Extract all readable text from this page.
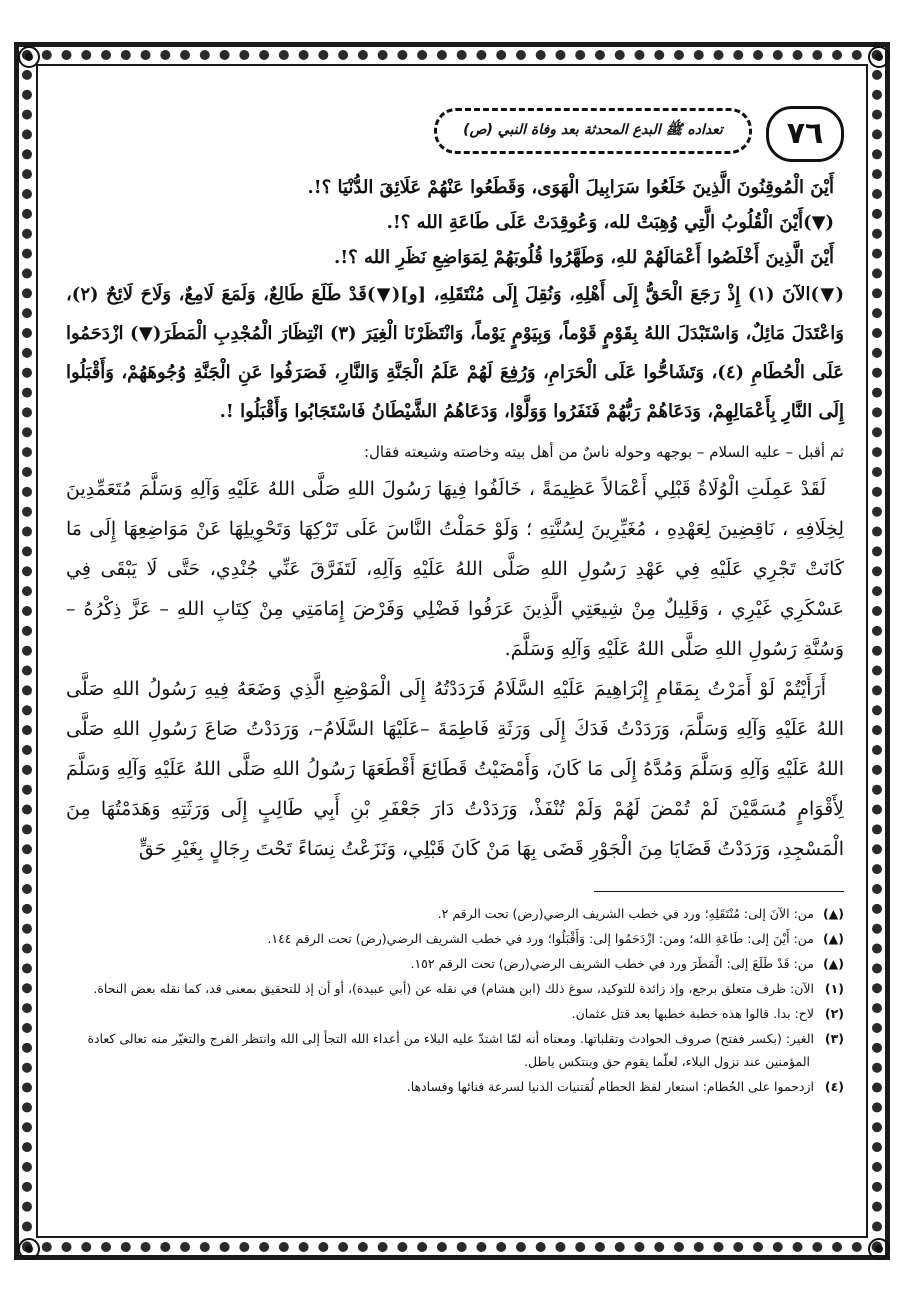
٧٦
تعداده ﷺ البدع المحدثة بعد وفاة النبي (ص)

أَيْنَ الْمُوقِنُونَ الَّذِينَ خَلَعُوا سَرَابِيلَ الْهَوَى، وَقَطَعُوا عَنْهُمْ عَلَائِقَ الدُّنْيَا ؟!.

(▼)أَيْنَ الْقُلُوبُ الَّتِي وُهِبَتْ لله، وَعُوقِدَتْ عَلَى طَاعَةِ الله ؟!.

أَيْنَ الَّذِينَ أَخْلَصُوا أَعْمَالَهُمْ للهِ، وَطَهَّرُوا قُلُوبَهُمْ لِمَوَاضِعِ نَظَرِ الله ؟!.

(▼)الآنَ (١) إِذْ رَجَعَ الْحَقُّ إِلَى أَهْلِهِ، وَنُقِلَ إِلَى مُنْتَقَلِهِ، [و](▼)قَدْ طَلَعَ طَالِعٌ، وَلَمَعَ لَامِعٌ، وَلَاحَ لَائِحٌ (٢)، وَاعْتَدَلَ مَائِلٌ، وَاسْتَبْدَلَ اللهُ بِقَوْمٍ قَوْماً، وَبِيَوْمٍ يَوْماً، وَانْتَظَرْنَا الْغِيَرَ (٣) انْتِظَارَ الْمُجْدِبِ الْمَطَرَ(▼) ازْدَحَمُوا عَلَى الْحُطَامِ (٤)، وَتَشَاحُّوا عَلَى الْحَرَامِ، وَرُفِعَ لَهُمْ عَلَمُ الْجَنَّةِ وَالنَّارِ، فَصَرَفُوا عَنِ الْجَنَّةِ وُجُوهَهُمْ، وَأَقْبَلُوا إِلَى النَّارِ بِأَعْمَالِهِمْ، وَدَعَاهُمْ رَبُّهُمْ فَنَفَرُوا وَوَلَّوْا، وَدَعَاهُمُ الشَّيْطَانُ فَاسْتَجَابُوا وَأَقْبَلُوا !.

ثم أقبل – عليه السلام – بوجهه وحوله ناسٌ من أهل بيته وخاصته وشيعته فقال:

لَقَدْ عَمِلَتِ الْوُلَاةُ قَبْلِي أَعْمَالاً عَظِيمَةً ، خَالَفُوا فِيهَا رَسُولَ اللهِ صَلَّى اللهُ عَلَيْهِ وَآلِهِ وَسَلَّمَ مُتَعَمِّدِينَ لِخِلَافِهِ ، نَاقِضِينَ لِعَهْدِهِ ، مُغَيِّرِينَ لِسُنَّتِهِ ؛ وَلَوْ حَمَلْتُ النَّاسَ عَلَى تَرْكِهَا وَتَحْوِيلِهَا عَنْ مَوَاضِعِهَا إِلَى مَا كَانَتْ تَجْرِي عَلَيْهِ فِي عَهْدِ رَسُولِ اللهِ صَلَّى اللهُ عَلَيْهِ وَآلِهِ، لَتَفَرَّقَ عَنِّي جُنْدِي، حَتَّى لَا يَبْقَى فِي عَسْكَرِي غَيْرِي ، وَقَلِيلٌ مِنْ شِيعَتِي الَّذِينَ عَرَفُوا فَضْلِي وَفَرْضَ إِمَامَتِي مِنْ كِتَابِ اللهِ – عَزَّ ذِكْرُهُ – وَسُنَّةِ رَسُولِ اللهِ صَلَّى اللهُ عَلَيْهِ وَآلِهِ وَسَلَّمَ.

أَرَأَيْتُمْ لَوْ أَمَرْتُ بِمَقَامِ إِبْرَاهِيمَ عَلَيْهِ السَّلَامُ فَرَدَدْتُهُ إِلَى الْمَوْضِعِ الَّذِي وَضَعَهُ فِيهِ رَسُولُ اللهِ صَلَّى اللهُ عَلَيْهِ وَآلِهِ وَسَلَّمَ، وَرَدَدْتُ فَدَكَ إِلَى وَرَثَةِ فَاطِمَةَ –عَلَيْهَا السَّلَامُ–، وَرَدَدْتُ صَاعَ رَسُولِ اللهِ صَلَّى اللهُ عَلَيْهِ وَآلِهِ وَسَلَّمَ وَمُدَّهُ إِلَى مَا كَانَ، وَأَمْضَيْتُ قَطَائِعَ أَقْطَعَهَا رَسُولُ اللهِ صَلَّى اللهُ عَلَيْهِ وَآلِهِ وَسَلَّمَ لِأَقْوَامٍ مُسَمَّيْنَ لَمْ تُمْضَ لَهُمْ وَلَمْ تُنْفَذْ، وَرَدَدْتُ دَارَ جَعْفَرِ بْنِ أَبِي طَالِبٍ إِلَى وَرَثَتِهِ وَهَدَمْتُهَا مِنَ الْمَسْجِدِ، وَرَدَدْتُ قَضَايَا مِنَ الْجَوْرِ قَضَى بِهَا مَنْ كَانَ قَبْلِي، وَنَزَعْتُ نِسَاءً تَحْتَ رِجَالٍ بِغَيْرِ حَقٍّ

(▲)من: الآنَ إلى: مُنْتَقَلِهِ؛ ورد في خطب الشريف الرضي(رض) تحت الرقم ٢.

(▲)من: أَيْنَ إلى: طَاعَةِ الله؛ ومن: ازْدَحَمُوا إلى: وَأَقْبَلُوا؛ ورد في خطب الشريف الرضي(رض) تحت الرقم ١٤٤.

(▲)من: قَدْ طَلَعَ إلى: الْمَطَرَ ورد في خطب الشريف الرضي(رض) تحت الرقم ١٥٢.

(١)الآن: ظرف متعلق برجع، وإذ زائدة للتوكيد، سوغ ذلك (ابن هشام) في نقله عن (أبي عبيدة)، أو أن إذ للتحقيق بمعنى قد، كما نقله بعض النحاة.

(٢)لاح: بدا. قالوا هذه خطبة خطبها بعد قتل عثمان.

(٣)الغير: (بكسر ففتح) صروف الحوادث وتقلباتها. ومعناه أنه لمّا اشتدّ عليه البلاء من أعداء الله التجأ إلى الله وانتظر الفرج والتغيّر منه تعالى كعادة المؤمنين عند نزول البلاء، لعلّما يقوم حق وينتكس باطل.

(٤)ازدحموا على الحُطام: استعار لفظ الحطام لُقتنيات الدنيا لسرعة فنائها وفسادها.
